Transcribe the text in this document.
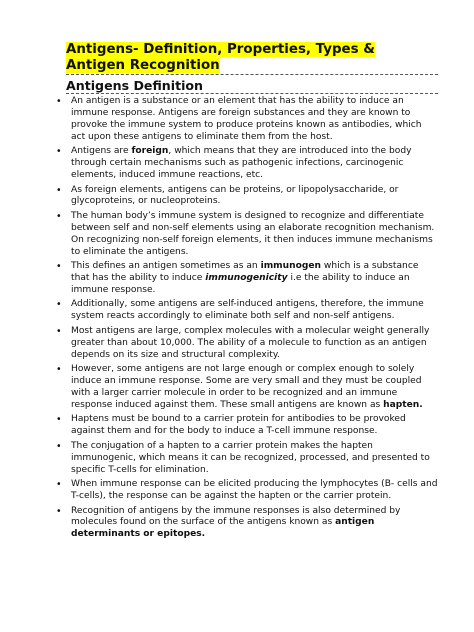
Antigens- Definition, Properties, Types & Antigen Recognition
Antigens Definition
• An antigen is a substance or an element that has the ability to induce an immune response. Antigens are foreign substances and they are known to provoke the immune system to produce proteins known as antibodies, which act upon these antigens to eliminate them from the host.
• Antigens are foreign, which means that they are introduced into the body through certain mechanisms such as pathogenic infections, carcinogenic elements, induced immune reactions, etc.
• As foreign elements, antigens can be proteins, or lipopolysaccharide, or glycoproteins, or nucleoproteins.
• The human body’s immune system is designed to recognize and differentiate between self and non-self elements using an elaborate recognition mechanism. On recognizing non-self foreign elements, it then induces immune mechanisms to eliminate the antigens.
• This defines an antigen sometimes as an immunogen which is a substance that has the ability to induce immunogenicity i.e the ability to induce an immune response.
• Additionally, some antigens are self-induced antigens, therefore, the immune system reacts accordingly to eliminate both self and non-self antigens.
• Most antigens are large, complex molecules with a molecular weight generally greater than about 10,000. The ability of a molecule to function as an antigen depends on its size and structural complexity.
• However, some antigens are not large enough or complex enough to solely induce an immune response. Some are very small and they must be coupled with a larger carrier molecule in order to be recognized and an immune response induced against them. These small antigens are known as hapten.
• Haptens must be bound to a carrier protein for antibodies to be provoked against them and for the body to induce a T-cell immune response.
• The conjugation of a hapten to a carrier protein makes the hapten immunogenic, which means it can be recognized, processed, and presented to specific T-cells for elimination.
• When immune response can be elicited producing the lymphocytes (B- cells and T-cells), the response can be against the hapten or the carrier protein.
• Recognition of antigens by the immune responses is also determined by molecules found on the surface of the antigens known as antigen determinants or epitopes.
